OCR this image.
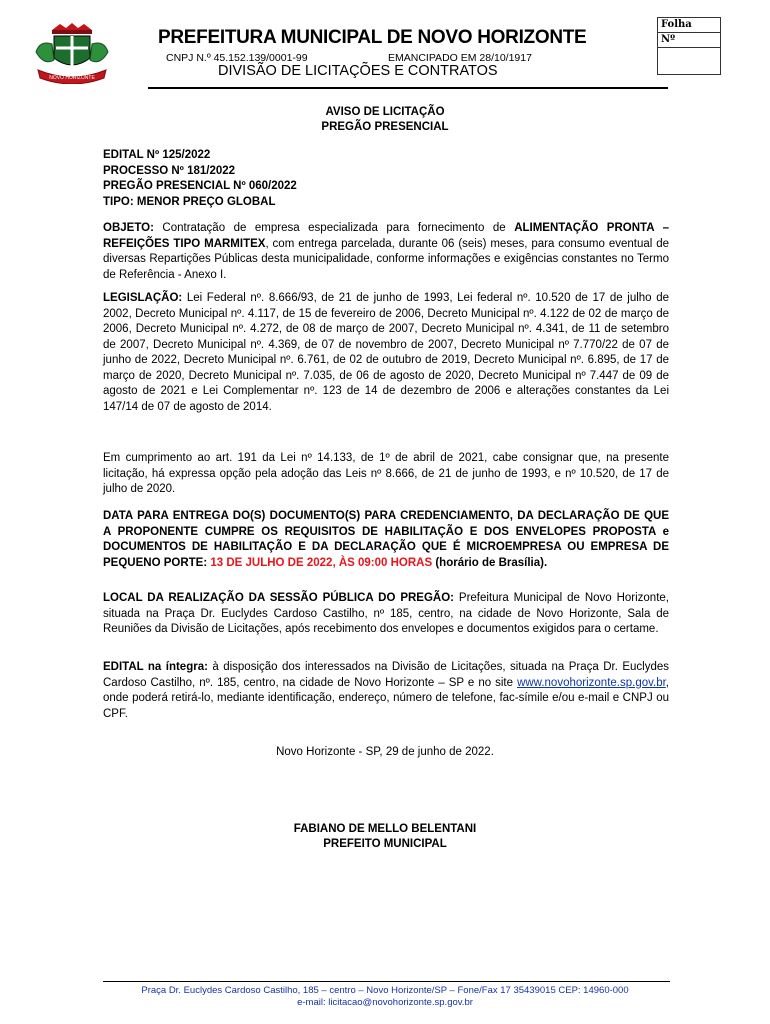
NOVO HORIZONTE
PREFEITURA MUNICIPAL DE NOVO HORIZONTE
CNPJ N.º 45.152.139/0001-99	EMANCIPADO EM 28/10/1917
DIVISÃO DE LICITAÇÕES E CONTRATOS
Folha
Nº
AVISO DE LICITAÇÃO
PREGÃO PRESENCIAL
EDITAL Nº 125/2022
PROCESSO Nº 181/2022
PREGÃO PRESENCIAL Nº 060/2022
TIPO: MENOR PREÇO GLOBAL
OBJETO: Contratação de empresa especializada para fornecimento de ALIMENTAÇÃO PRONTA – REFEIÇÕES TIPO MARMITEX, com entrega parcelada, durante 06 (seis) meses, para consumo eventual de diversas Repartições Públicas desta municipalidade, conforme informações e exigências constantes no Termo de Referência - Anexo I.
LEGISLAÇÃO: Lei Federal nº. 8.666/93, de 21 de junho de 1993, Lei federal nº. 10.520 de 17 de julho de 2002, Decreto Municipal nº. 4.117, de 15 de fevereiro de 2006, Decreto Municipal nº. 4.122 de 02 de março de 2006, Decreto Municipal nº. 4.272, de 08 de março de 2007, Decreto Municipal nº. 4.341, de 11 de setembro de 2007, Decreto Municipal nº. 4.369, de 07 de novembro de 2007, Decreto Municipal nº 7.770/22 de 07 de junho de 2022, Decreto Municipal nº. 6.761, de 02 de outubro de 2019, Decreto Municipal nº. 6.895, de 17 de março de 2020, Decreto Municipal nº. 7.035, de 06 de agosto de 2020, Decreto Municipal nº 7.447 de 09 de agosto de 2021 e Lei Complementar nº. 123 de 14 de dezembro de 2006 e alterações constantes da Lei 147/14 de 07 de agosto de 2014.
Em cumprimento ao art. 191 da Lei nº 14.133, de 1º de abril de 2021, cabe consignar que, na presente licitação, há expressa opção pela adoção das Leis nº 8.666, de 21 de junho de 1993, e nº 10.520, de 17 de julho de 2020.
DATA PARA ENTREGA DO(S) DOCUMENTO(S) PARA CREDENCIAMENTO, DA DECLARAÇÃO DE QUE A PROPONENTE CUMPRE OS REQUISITOS DE HABILITAÇÃO E DOS ENVELOPES PROPOSTA e DOCUMENTOS DE HABILITAÇÃO E DA DECLARAÇÃO QUE É MICROEMPRESA OU EMPRESA DE PEQUENO PORTE: 13 DE JULHO DE 2022, ÀS 09:00 HORAS (horário de Brasília).
LOCAL DA REALIZAÇÃO DA SESSÃO PÚBLICA DO PREGÃO: Prefeitura Municipal de Novo Horizonte, situada na Praça Dr. Euclydes Cardoso Castilho, nº 185, centro, na cidade de Novo Horizonte, Sala de Reuniões da Divisão de Licitações, após recebimento dos envelopes e documentos exigidos para o certame.
EDITAL na íntegra: à disposição dos interessados na Divisão de Licitações, situada na Praça Dr. Euclydes Cardoso Castilho, nº. 185, centro, na cidade de Novo Horizonte – SP e no site www.novohorizonte.sp.gov.br, onde poderá retirá-lo, mediante identificação, endereço, número de telefone, fac-símile e/ou e-mail e CNPJ ou CPF.
Novo Horizonte - SP, 29 de junho de 2022.
FABIANO DE MELLO BELENTANI
PREFEITO MUNICIPAL
Praça Dr. Euclydes Cardoso Castilho, 185 – centro – Novo Horizonte/SP – Fone/Fax 17 35439015 CEP: 14960-000
e-mail: licitacao@novohorizonte.sp.gov.br
